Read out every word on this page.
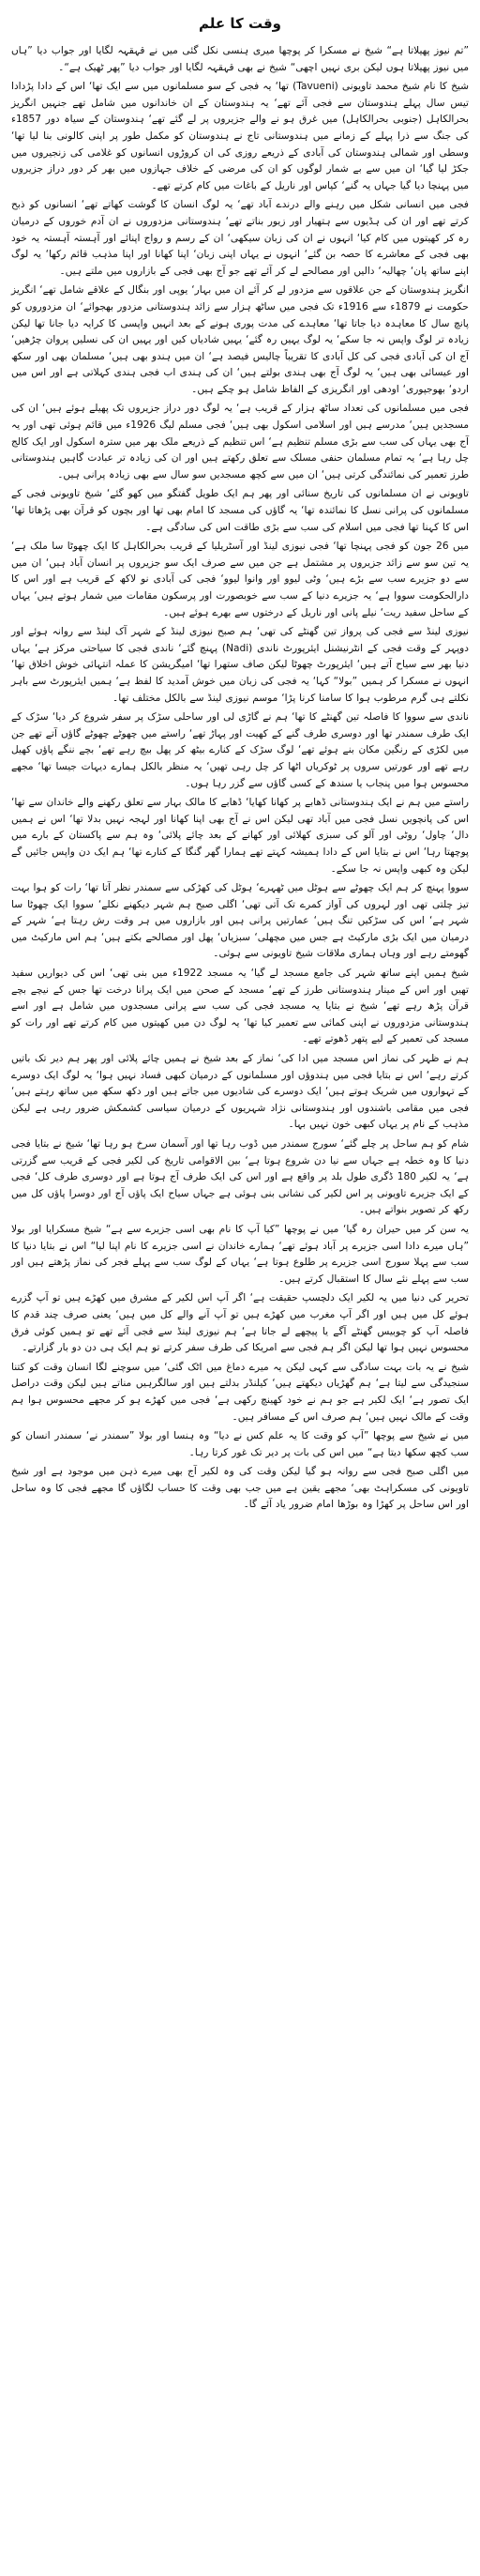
وقت کا علم

”تم نیوز پھیلاتا ہے“ شیخ نے مسکرا کر پوچھا میری ہنسی نکل گئی میں نے قہقہہ لگایا اور جواب دیا ”ہاں میں نیوز پھیلاتا ہوں لیکن بری نہیں اچھی“ شیخ نے بھی قہقہہ لگایا اور جواب دیا ”پھر ٹھیک ہے“۔

شیخ کا نام شیخ محمد تاویونی (Tavueni) تھا‘ یہ فجی کے سو مسلمانوں میں سے ایک تھا‘ اس کے دادا پڑدادا تیس سال پہلے ہندوستان سے فجی آئے تھے‘ یہ ہندوستان کے ان خاندانوں میں شامل تھے جنہیں انگریز بحرالکاہل (جنوبی بحرالکاہل) میں غرق ہو نے والے جزیروں پر لے گئے تھے‘ ہندوستان کے سیاہ دور 1857ء کی جنگ سے ذرا پہلے کے زمانے میں ہندوستانی تاج نے ہندوستان کو مکمل طور پر اپنی کالونی بنا لیا تھا‘ وسطی اور شمالی ہندوستان کی آبادی کے ذریعے روزی کی ان کروڑوں انسانوں کو غلامی کی زنجیروں میں جکڑ لیا گیا‘ ان میں سے بے شمار لوگوں کو ان کی مرضی کے خلاف جہازوں میں بھر کر دور دراز جزیروں میں پہنچا دیا گیا جہاں یہ گنے‘ کپاس اور ناریل کے باغات میں کام کرتے تھے۔

فجی میں انسانی شکل میں رہنے والے درندے آباد تھے‘ یہ لوگ انسان کا گوشت کھاتے تھے‘ انسانوں کو ذبح کرتے تھے اور ان کی ہڈیوں سے ہتھیار اور زیور بناتے تھے‘ ہندوستانی مزدوروں نے ان آدم خوروں کے درمیان رہ کر کھیتوں میں کام کیا‘ انہوں نے ان کی زبان سیکھی‘ ان کے رسم و رواج اپنائے اور آہستہ آہستہ یہ خود بھی فجی کے معاشرے کا حصہ بن گئے‘ انہوں نے یہاں اپنی زبان‘ اپنا کھانا اور اپنا مذہب قائم رکھا‘ یہ لوگ اپنے ساتھ پان‘ چھالیہ‘ دالیں اور مصالحے لے کر آئے تھے جو آج بھی فجی کے بازاروں میں ملتے ہیں۔

انگریز ہندوستان کے جن علاقوں سے مزدور لے کر آئے ان میں بہار‘ یوپی اور بنگال کے علاقے شامل تھے‘ انگریز حکومت نے 1879ء سے 1916ء تک فجی میں ساٹھ ہزار سے زائد ہندوستانی مزدور بھجوائے‘ ان مزدوروں کو پانچ سال کا معاہدہ دیا جاتا تھا‘ معاہدے کی مدت پوری ہونے کے بعد انہیں واپسی کا کرایہ دیا جانا تھا لیکن زیادہ تر لوگ واپس نہ جا سکے‘ یہ لوگ یہیں رہ گئے‘ یہیں شادیاں کیں اور یہیں ان کی نسلیں پروان چڑھیں‘ آج ان کی آبادی فجی کی کل آبادی کا تقریباً چالیس فیصد ہے‘ ان میں ہندو بھی ہیں‘ مسلمان بھی اور سکھ اور عیسائی بھی ہیں‘ یہ لوگ آج بھی ہندی بولتے ہیں‘ ان کی ہندی اب فجی ہندی کہلاتی ہے اور اس میں اردو‘ بھوجپوری‘ اودھی اور انگریزی کے الفاظ شامل ہو چکے ہیں۔

فجی میں مسلمانوں کی تعداد ساٹھ ہزار کے قریب ہے‘ یہ لوگ دور دراز جزیروں تک پھیلے ہوئے ہیں‘ ان کی مسجدیں ہیں‘ مدرسے ہیں اور اسلامی اسکول بھی ہیں‘ فجی مسلم لیگ 1926ء میں قائم ہوئی تھی اور یہ آج بھی یہاں کی سب سے بڑی مسلم تنظیم ہے‘ اس تنظیم کے ذریعے ملک بھر میں سترہ اسکول اور ایک کالج چل رہا ہے‘ یہ تمام مسلمان حنفی مسلک سے تعلق رکھتے ہیں اور ان کی زیادہ تر عبادت گاہیں ہندوستانی طرز تعمیر کی نمائندگی کرتی ہیں‘ ان میں سے کچھ مسجدیں سو سال سے بھی زیادہ پرانی ہیں۔

تاویونی نے ان مسلمانوں کی تاریخ سنائی اور پھر ہم ایک طویل گفتگو میں کھو گئے‘ شیخ تاویونی فجی کے مسلمانوں کی پرانی نسل کا نمائندہ تھا‘ یہ گاؤں کی مسجد کا امام بھی تھا اور بچوں کو قرآن بھی پڑھاتا تھا‘ اس کا کہنا تھا فجی میں اسلام کی سب سے بڑی طاقت اس کی سادگی ہے۔

میں 26 جون کو فجی پہنچا تھا‘ فجی نیوزی لینڈ اور آسٹریلیا کے قریب بحرالکاہل کا ایک چھوٹا سا ملک ہے‘ یہ تین سو سے زائد جزیروں پر مشتمل ہے جن میں سے صرف ایک سو جزیروں پر انسان آباد ہیں‘ ان میں سے دو جزیرے سب سے بڑے ہیں‘ وٹی لیوو اور وانوا لیوو‘ فجی کی آبادی نو لاکھ کے قریب ہے اور اس کا دارالحکومت سووا ہے‘ یہ جزیرے دنیا کے سب سے خوبصورت اور پرسکون مقامات میں شمار ہوتے ہیں‘ یہاں کے ساحل سفید ریت‘ نیلے پانی اور ناریل کے درختوں سے بھرے ہوئے ہیں۔

نیوزی لینڈ سے فجی کی پرواز تین گھنٹے کی تھی‘ ہم صبح نیوزی لینڈ کے شہر آک لینڈ سے روانہ ہوئے اور دوپہر کے وقت فجی کے انٹرنیشنل ایئرپورٹ ناندی (Nadi) پہنچ گئے‘ ناندی فجی کا سیاحتی مرکز ہے‘ یہاں دنیا بھر سے سیاح آتے ہیں‘ ایئرپورٹ چھوٹا لیکن صاف ستھرا تھا‘ امیگریشن کا عملہ انتہائی خوش اخلاق تھا‘ انہوں نے مسکرا کر ہمیں ”بولا“ کہا‘ یہ فجی کی زبان میں خوش آمدید کا لفظ ہے‘ ہمیں ایئرپورٹ سے باہر نکلتے ہی گرم مرطوب ہوا کا سامنا کرنا پڑا‘ موسم نیوزی لینڈ سے بالکل مختلف تھا۔

ناندی سے سووا کا فاصلہ تین گھنٹے کا تھا‘ ہم نے گاڑی لی اور ساحلی سڑک پر سفر شروع کر دیا‘ سڑک کے ایک طرف سمندر تھا اور دوسری طرف گنے کے کھیت اور پہاڑ تھے‘ راستے میں چھوٹے چھوٹے گاؤں آتے تھے جن میں لکڑی کے رنگین مکان بنے ہوئے تھے‘ لوگ سڑک کے کنارے بیٹھ کر پھل بیچ رہے تھے‘ بچے ننگے پاؤں کھیل رہے تھے اور عورتیں سروں پر ٹوکریاں اٹھا کر چل رہی تھیں‘ یہ منظر بالکل ہمارے دیہات جیسا تھا‘ مجھے محسوس ہوا میں پنجاب یا سندھ کے کسی گاؤں سے گزر رہا ہوں۔

راستے میں ہم نے ایک ہندوستانی ڈھابے پر کھانا کھایا‘ ڈھابے کا مالک بہار سے تعلق رکھنے والے خاندان سے تھا‘ اس کی پانچویں نسل فجی میں آباد تھی لیکن اس نے آج بھی اپنا کھانا اور لہجہ نہیں بدلا تھا‘ اس نے ہمیں دال‘ چاول‘ روٹی اور آلو کی سبزی کھلائی اور کھانے کے بعد چائے پلائی‘ وہ ہم سے پاکستان کے بارے میں پوچھتا رہا‘ اس نے بتایا اس کے دادا ہمیشہ کہتے تھے ہمارا گھر گنگا کے کنارے تھا‘ ہم ایک دن واپس جائیں گے لیکن وہ کبھی واپس نہ جا سکے۔

سووا پہنچ کر ہم ایک چھوٹے سے ہوٹل میں ٹھہرے‘ ہوٹل کی کھڑکی سے سمندر نظر آتا تھا‘ رات کو ہوا بہت تیز چلتی تھی اور لہروں کی آواز کمرے تک آتی تھی‘ اگلی صبح ہم شہر دیکھنے نکلے‘ سووا ایک چھوٹا سا شہر ہے‘ اس کی سڑکیں تنگ ہیں‘ عمارتیں پرانی ہیں اور بازاروں میں ہر وقت رش رہتا ہے‘ شہر کے درمیان میں ایک بڑی مارکیٹ ہے جس میں مچھلی‘ سبزیاں‘ پھل اور مصالحے بکتے ہیں‘ ہم اس مارکیٹ میں گھومتے رہے اور وہاں ہماری ملاقات شیخ تاویونی سے ہوئی۔

شیخ ہمیں اپنے ساتھ شہر کی جامع مسجد لے گیا‘ یہ مسجد 1922ء میں بنی تھی‘ اس کی دیواریں سفید تھیں اور اس کے مینار ہندوستانی طرز کے تھے‘ مسجد کے صحن میں ایک پرانا درخت تھا جس کے نیچے بچے قرآن پڑھ رہے تھے‘ شیخ نے بتایا یہ مسجد فجی کی سب سے پرانی مسجدوں میں شامل ہے اور اسے ہندوستانی مزدوروں نے اپنی کمائی سے تعمیر کیا تھا‘ یہ لوگ دن میں کھیتوں میں کام کرتے تھے اور رات کو مسجد کی تعمیر کے لیے پتھر ڈھوتے تھے۔

ہم نے ظہر کی نماز اس مسجد میں ادا کی‘ نماز کے بعد شیخ نے ہمیں چائے پلائی اور پھر ہم دیر تک باتیں کرتے رہے‘ اس نے بتایا فجی میں ہندوؤں اور مسلمانوں کے درمیان کبھی فساد نہیں ہوا‘ یہ لوگ ایک دوسرے کے تہواروں میں شریک ہوتے ہیں‘ ایک دوسرے کی شادیوں میں جاتے ہیں اور دکھ سکھ میں ساتھ رہتے ہیں‘ فجی میں مقامی باشندوں اور ہندوستانی نژاد شہریوں کے درمیان سیاسی کشمکش ضرور رہی ہے لیکن مذہب کے نام پر یہاں کبھی خون نہیں بہا۔

شام کو ہم ساحل پر چلے گئے‘ سورج سمندر میں ڈوب رہا تھا اور آسمان سرخ ہو رہا تھا‘ شیخ نے بتایا فجی دنیا کا وہ خطہ ہے جہاں سے نیا دن شروع ہوتا ہے‘ بین الاقوامی تاریخ کی لکیر فجی کے قریب سے گزرتی ہے‘ یہ لکیر 180 ڈگری طول بلد پر واقع ہے اور اس کی ایک طرف آج ہوتا ہے اور دوسری طرف کل‘ فجی کے ایک جزیرے تاویونی پر اس لکیر کی نشانی بنی ہوئی ہے جہاں سیاح ایک پاؤں آج اور دوسرا پاؤں کل میں رکھ کر تصویر بنواتے ہیں۔

یہ سن کر میں حیران رہ گیا‘ میں نے پوچھا ”کیا آپ کا نام بھی اسی جزیرے سے ہے“ شیخ مسکرایا اور بولا ”ہاں میرے دادا اسی جزیرے پر آباد ہوئے تھے‘ ہمارے خاندان نے اسی جزیرے کا نام اپنا لیا“ اس نے بتایا دنیا کا سب سے پہلا سورج اسی جزیرے پر طلوع ہوتا ہے‘ یہاں کے لوگ سب سے پہلے فجر کی نماز پڑھتے ہیں اور سب سے پہلے نئے سال کا استقبال کرتے ہیں۔

تحریر کی دنیا میں یہ لکیر ایک دلچسپ حقیقت ہے‘ اگر آپ اس لکیر کے مشرق میں کھڑے ہیں تو آپ گزرے ہوئے کل میں ہیں اور اگر آپ مغرب میں کھڑے ہیں تو آپ آنے والے کل میں ہیں‘ یعنی صرف چند قدم کا فاصلہ آپ کو چوبیس گھنٹے آگے یا پیچھے لے جاتا ہے‘ ہم نیوزی لینڈ سے فجی آئے تھے تو ہمیں کوئی فرق محسوس نہیں ہوا تھا لیکن اگر ہم فجی سے امریکا کی طرف سفر کرتے تو ہم ایک ہی دن دو بار گزارتے۔

شیخ نے یہ بات بہت سادگی سے کہی لیکن یہ میرے دماغ میں اٹک گئی‘ میں سوچنے لگا انسان وقت کو کتنا سنجیدگی سے لیتا ہے‘ ہم گھڑیاں دیکھتے ہیں‘ کیلنڈر بدلتے ہیں اور سالگرہیں مناتے ہیں لیکن وقت دراصل ایک تصور ہے‘ ایک لکیر ہے جو ہم نے خود کھینچ رکھی ہے‘ فجی میں کھڑے ہو کر مجھے محسوس ہوا ہم وقت کے مالک نہیں ہیں‘ ہم صرف اس کے مسافر ہیں۔

میں نے شیخ سے پوچھا ”آپ کو وقت کا یہ علم کس نے دیا“ وہ ہنسا اور بولا ”سمندر نے‘ سمندر انسان کو سب کچھ سکھا دیتا ہے“ میں اس کی بات پر دیر تک غور کرتا رہا۔

میں اگلی صبح فجی سے روانہ ہو گیا لیکن وقت کی وہ لکیر آج بھی میرے ذہن میں موجود ہے اور شیخ تاویونی کی مسکراہٹ بھی‘ مجھے یقین ہے میں جب بھی وقت کا حساب لگاؤں گا مجھے فجی کا وہ ساحل اور اس ساحل پر کھڑا وہ بوڑھا امام ضرور یاد آئے گا۔
